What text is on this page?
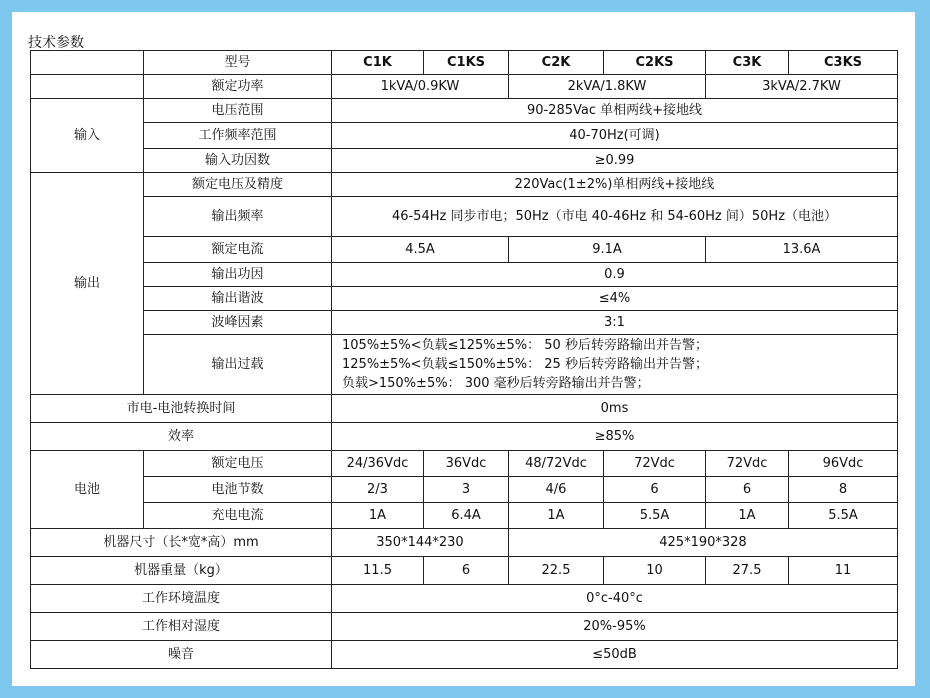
技术参数
	型号	C1K	C1KS	C2K	C2KS	C3K	C3KS
	额定功率	1kVA/0.9KW		2kVA/1.8KW		3kVA/2.7KW	
输入	电压范围	90-285Vac 单相两线+接地线					
	工作频率范围	40-70Hz(可调)					
	输入功因数	≥0.99					
输出	额定电压及精度	220Vac(1±2%)单相两线+接地线					
	输出频率	46-54Hz 同步市电；50Hz（市电 40-46Hz 和 54-60Hz 间）50Hz（电池）					
	额定电流	4.5A		9.1A		13.6A	
	输出功因	0.9					
	输出谐波	≤4%					
	波峰因素	3:1					
	输出过载	105%±5%<负载≤125%±5%： 50 秒后转旁路输出并告警；
125%±5%<负载≤150%±5%： 25 秒后转旁路输出并告警；
负载>150%±5%： 300 毫秒后转旁路输出并告警；					

市电-电池转换时间		0ms					
效率		≥85%					
电池	额定电压	24/36Vdc	36Vdc	48/72Vdc	72Vdc	72Vdc	96Vdc
	电池节数	2/3	3	4/6	6	6	8
	充电电流	1A	6.4A	1A	5.5A	1A	5.5A
机器尺寸（长*宽*高）mm		350*144*230		425*190*328			
机器重量（kg）		11.5	6	22.5	10	27.5	11
工作环境温度		0°c-40°c					
工作相对湿度		20%-95%					
噪音		≤50dB					
